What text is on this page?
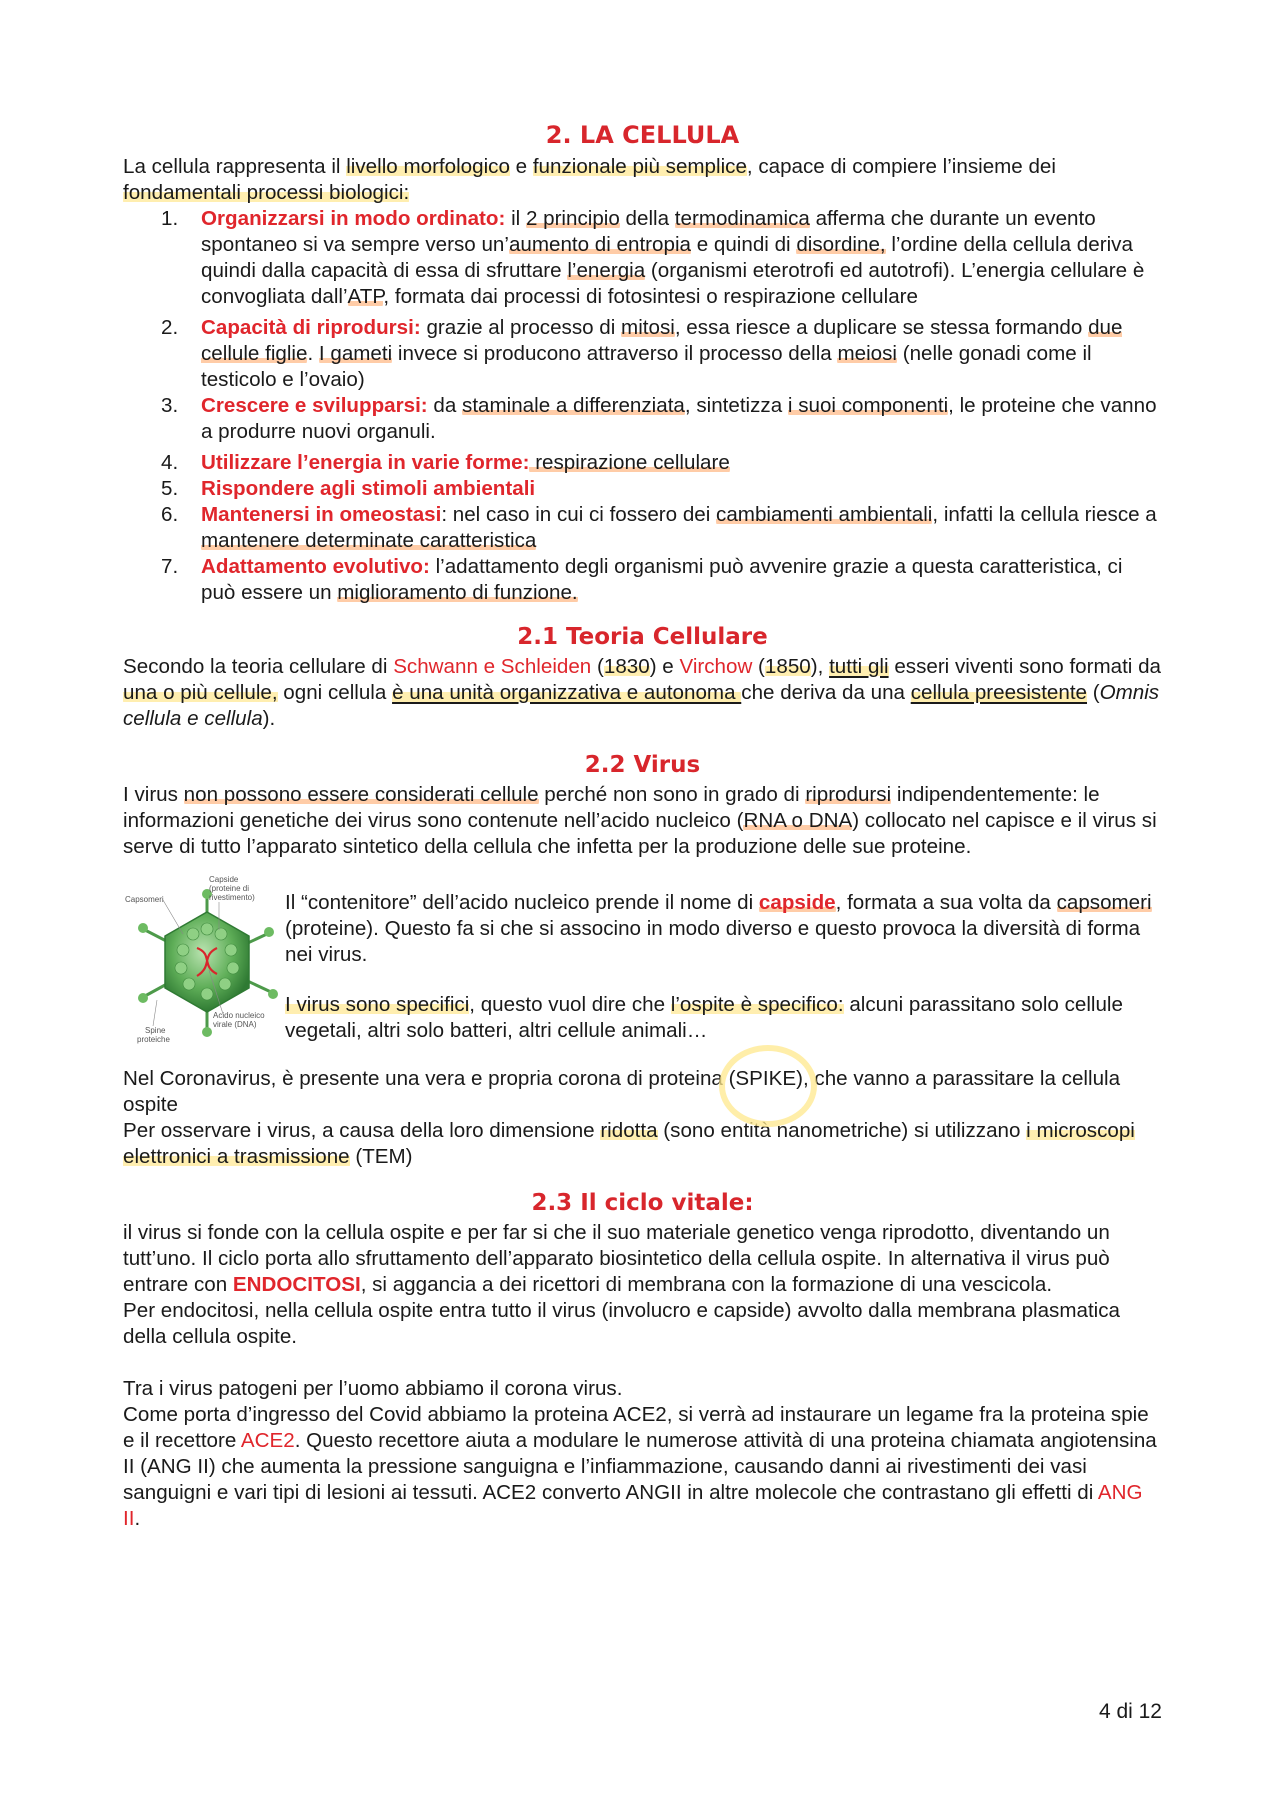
2. LA CELLULA

La cellula rappresenta il livello morfologico e funzionale più semplice, capace di compiere l’insieme dei fondamentali processi biologici:

1. Organizzarsi in modo ordinato: il 2 principio della termodinamica afferma che durante un evento spontaneo si va sempre verso un’aumento di entropia e quindi di disordine, l’ordine della cellula deriva quindi dalla capacità di essa di sfruttare l’energia (organismi eterotrofi ed autotrofi). L’energia cellulare è convogliata dall’ATP, formata dai processi di fotosintesi o respirazione cellulare
2. Capacità di riprodursi: grazie al processo di mitosi, essa riesce a duplicare se stessa formando due cellule figlie. I gameti invece si producono attraverso il processo della meiosi (nelle gonadi come il testicolo e l’ovaio)
3. Crescere e svilupparsi: da staminale a differenziata, sintetizza i suoi componenti, le proteine che vanno a produrre nuovi organuli.
4. Utilizzare l’energia in varie forme: respirazione cellulare
5. Rispondere agli stimoli ambientali
6. Mantenersi in omeostasi: nel caso in cui ci fossero dei cambiamenti ambientali, infatti la cellula riesce a mantenere determinate caratteristica
7. Adattamento evolutivo: l’adattamento degli organismi può avvenire grazie a questa caratteristica, ci può essere un miglioramento di funzione.
2.1 Teoria Cellulare

Secondo la teoria cellulare di Schwann e Schleiden (1830) e Virchow (1850), tutti gli esseri viventi sono formati da una o più cellule, ogni cellula è una unità organizzativa e autonoma che deriva da una cellula preesistente (Omnis cellula e cellula).

2.2 Virus

I virus non possono essere considerati cellule perché non sono in grado di riprodursi indipendentemente: le informazioni genetiche dei virus sono contenute nell’acido nucleico (RNA o DNA) collocato nel capisce e il virus si serve di tutto l’apparato sintetico della cellula che infetta per la produzione delle sue proteine.

Capsomeri
Capside
(proteine di
rivestimento)
Acido nucleico
virale (DNA)
Spine
proteiche

Il “contenitore” dell’acido nucleico prende il nome di capside, formata a sua volta da capsomeri (proteine). Questo fa si che si associno in modo diverso e questo provoca la diversità di forma nei virus.

I virus sono specifici, questo vuol dire che l’ospite è specifico: alcuni parassitano solo cellule vegetali, altri solo batteri, altri cellule animali…

Nel Coronavirus, è presente una vera e propria corona di proteina (SPIKE), che vanno a parassitare la cellula ospite

Per osservare i virus, a causa della loro dimensione ridotta (sono entità nanometriche) si utilizzano i microscopi elettronici a trasmissione (TEM)

2.3 Il ciclo vitale:

il virus si fonde con la cellula ospite e per far si che il suo materiale genetico venga riprodotto, diventando un tutt’uno. Il ciclo porta allo sfruttamento dell’apparato biosintetico della cellula ospite. In alternativa il virus può entrare con ENDOCITOSI, si aggancia a dei ricettori di membrana con la formazione di una vescicola.

Per endocitosi, nella cellula ospite entra tutto il virus (involucro e capside) avvolto dalla membrana plasmatica della cellula ospite.

Tra i virus patogeni per l’uomo abbiamo il corona virus.

Come porta d’ingresso del Covid abbiamo la proteina ACE2, si verrà ad instaurare un legame fra la proteina spie e il recettore ACE2. Questo recettore aiuta a modulare le numerose attività di una proteina chiamata angiotensina II (ANG II) che aumenta la pressione sanguigna e l’infiammazione, causando danni ai rivestimenti dei vasi sanguigni e vari tipi di lesioni ai tessuti. ACE2 converto ANGII in altre molecole che contrastano gli effetti di ANG II.

4 di 12
